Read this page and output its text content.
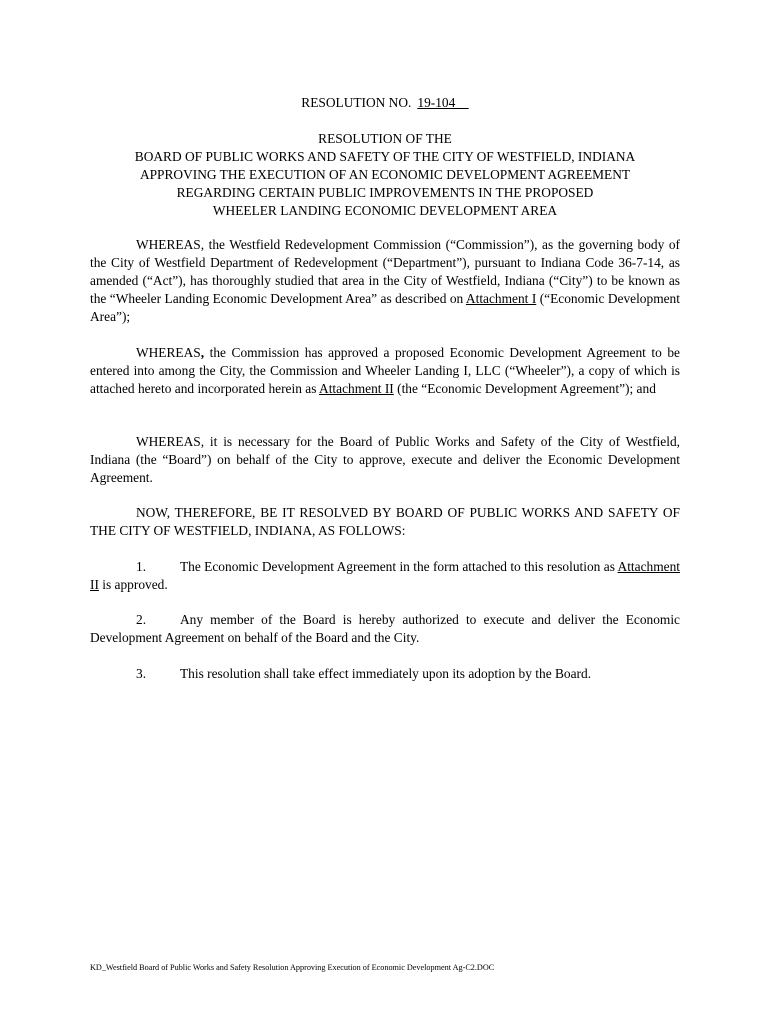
RESOLUTION NO. 19-104
RESOLUTION OF THE
BOARD OF PUBLIC WORKS AND SAFETY OF THE CITY OF WESTFIELD, INDIANA
APPROVING THE EXECUTION OF AN ECONOMIC DEVELOPMENT AGREEMENT
REGARDING CERTAIN PUBLIC IMPROVEMENTS IN THE PROPOSED
WHEELER LANDING ECONOMIC DEVELOPMENT AREA

WHEREAS, the Westfield Redevelopment Commission (“Commission”), as the governing body of the City of Westfield Department of Redevelopment (“Department”), pursuant to Indiana Code 36-7-14, as amended (“Act”), has thoroughly studied that area in the City of Westfield, Indiana (“City”) to be known as the “Wheeler Landing Economic Development Area” as described on Attachment I (“Economic Development Area”);

WHEREAS, the Commission has approved a proposed Economic Development Agreement to be entered into among the City, the Commission and Wheeler Landing I, LLC (“Wheeler”), a copy of which is attached hereto and incorporated herein as Attachment II (the “Economic Development Agreement”); and

WHEREAS, it is necessary for the Board of Public Works and Safety of the City of Westfield, Indiana (the “Board”) on behalf of the City to approve, execute and deliver the Economic Development Agreement.

NOW, THEREFORE, BE IT RESOLVED BY BOARD OF PUBLIC WORKS AND SAFETY OF THE CITY OF WESTFIELD, INDIANA, AS FOLLOWS:

1.	The Economic Development Agreement in the form attached to this resolution as Attachment II is approved.

2.	Any member of the Board is hereby authorized to execute and deliver the Economic Development Agreement on behalf of the Board and the City.

3.	This resolution shall take effect immediately upon its adoption by the Board.

KD_Westfield Board of Public Works and Safety Resolution Approving Execution of Economic Development Ag-C2.DOC
